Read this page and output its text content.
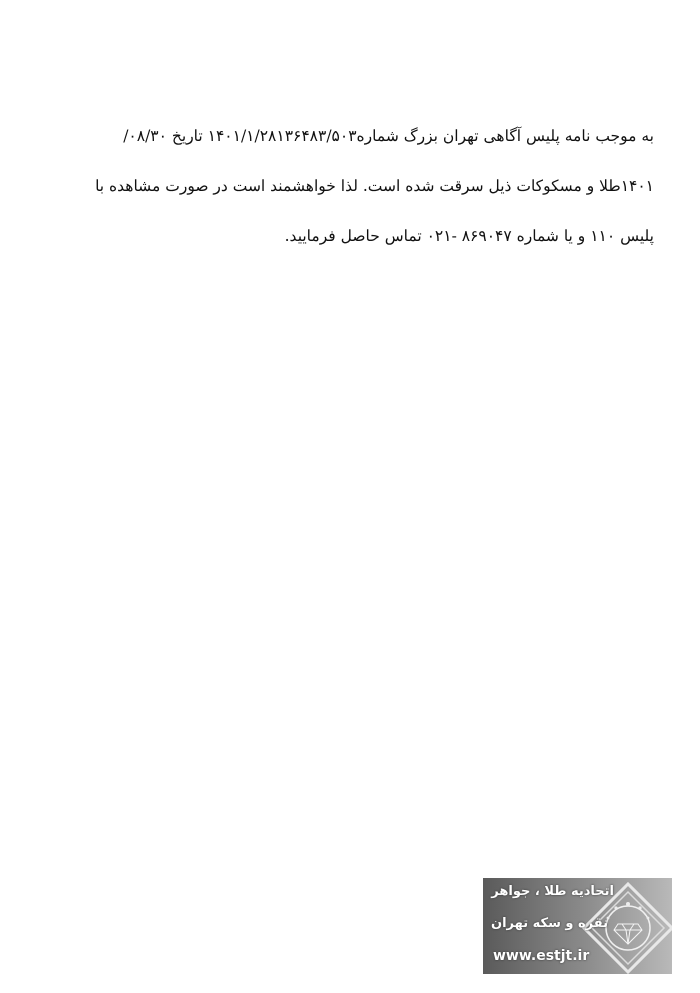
به موجب نامه پلیس آگاهی تهران بزرگ شماره۱۴۰۱/۱/۲۸۱۳۶۴۸۳/۵۰۳ تاریخ ۰۸/۳۰/
۱۴۰۱طلا و مسکوکات ذیل سرقت شده است. لذا خواهشمند است در صورت مشاهده با
پلیس ۱۱۰ و یا شماره ۸۶۹۰۴۷ -۰۲۱ تماس حاصل فرمایید.
اتحادیه طلا ، جواهر
نقره و سکه تهران
www.estjt.ir
